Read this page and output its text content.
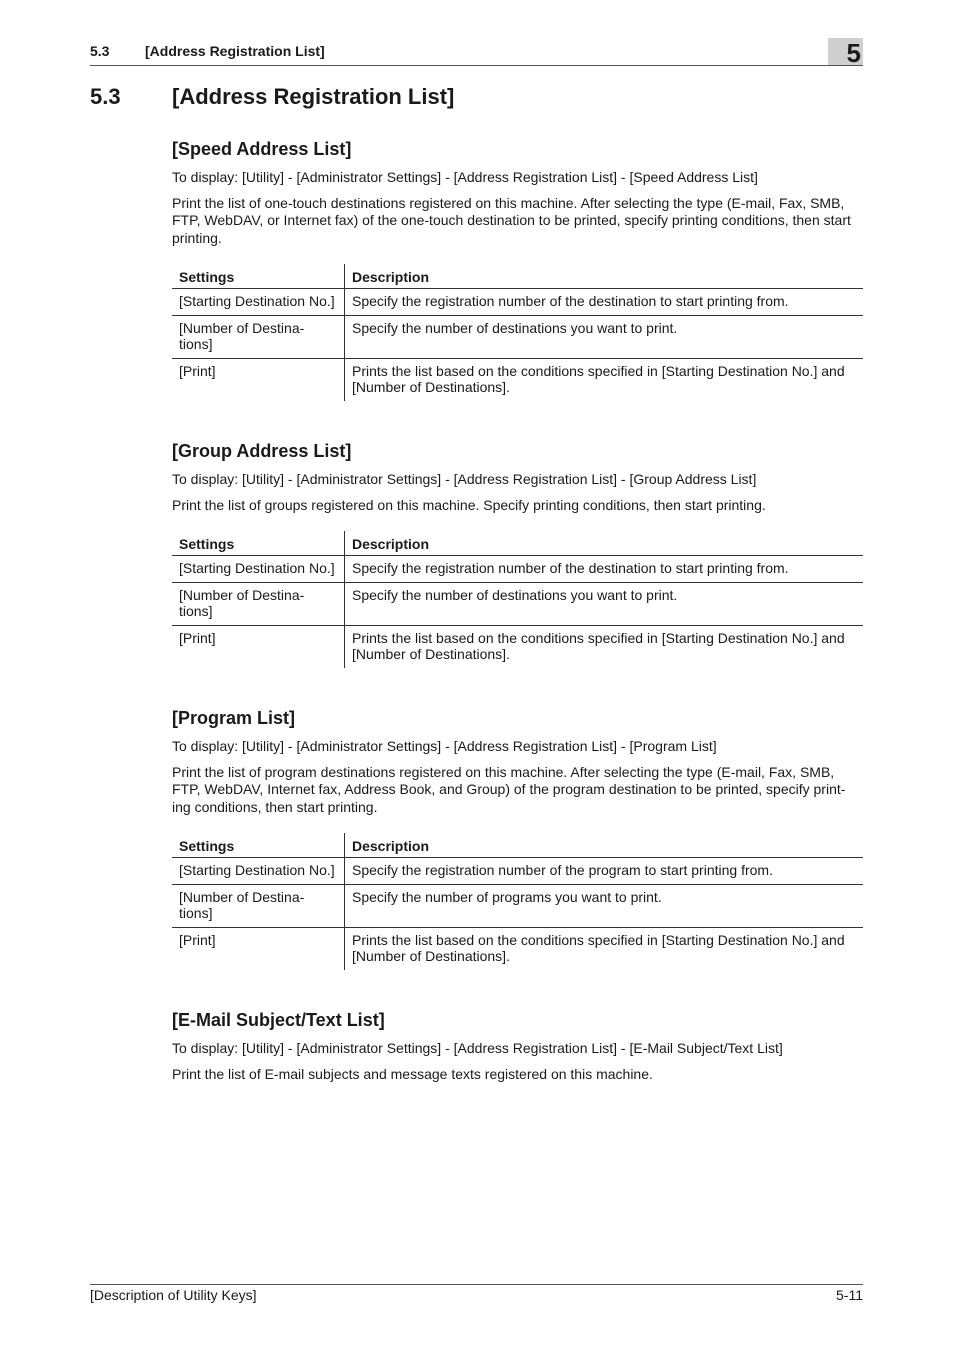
5.3	[Address Registration List]	5
5.3 [Address Registration List]
[Speed Address List]

To display: [Utility] - [Administrator Settings] - [Address Registration List] - [Speed Address List]

Print the list of one-touch destinations registered on this machine. After selecting the type (E-mail, Fax, SMB, FTP, WebDAV, or Internet fax) of the one-touch destination to be printed, specify printing conditions, then start printing.

Settings	Description
[Starting Destination No.]	Specify the registration number of the destination to start printing from.
[Number of Destina- tions]	Specify the number of destinations you want to print.
[Print]	Prints the list based on the conditions specified in [Starting Destination No.] and [Number of Destinations].
[Group Address List]

To display: [Utility] - [Administrator Settings] - [Address Registration List] - [Group Address List]

Print the list of groups registered on this machine. Specify printing conditions, then start printing.

Settings	Description
[Starting Destination No.]	Specify the registration number of the destination to start printing from.
[Number of Destina- tions]	Specify the number of destinations you want to print.
[Print]	Prints the list based on the conditions specified in [Starting Destination No.] and [Number of Destinations].
[Program List]

To display: [Utility] - [Administrator Settings] - [Address Registration List] - [Program List]

Print the list of program destinations registered on this machine. After selecting the type (E-mail, Fax, SMB, FTP, WebDAV, Internet fax, Address Book, and Group) of the program destination to be printed, specify print- ing conditions, then start printing.

Settings	Description
[Starting Destination No.]	Specify the registration number of the program to start printing from.
[Number of Destina- tions]	Specify the number of programs you want to print.
[Print]	Prints the list based on the conditions specified in [Starting Destination No.] and [Number of Destinations].
[E-Mail Subject/Text List]

To display: [Utility] - [Administrator Settings] - [Address Registration List] - [E-Mail Subject/Text List]

Print the list of E-mail subjects and message texts registered on this machine.

[Description of Utility Keys]	5-11
